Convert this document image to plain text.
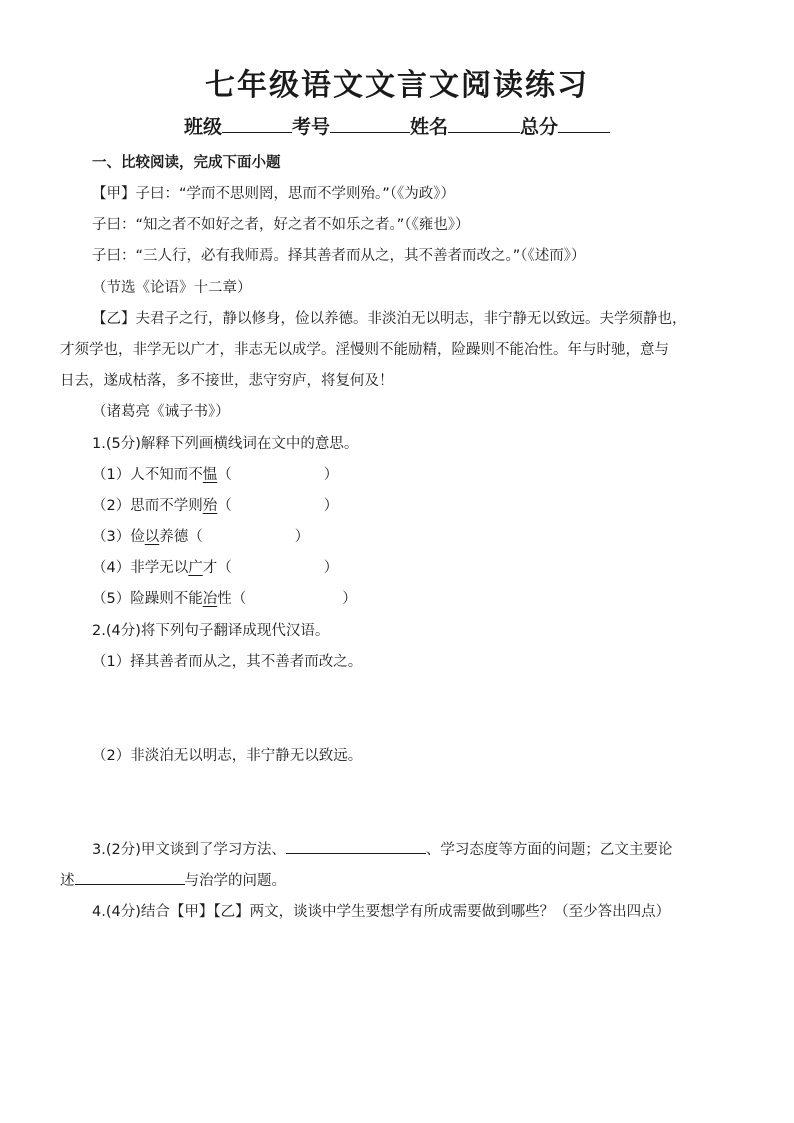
七年级语文文言文阅读练习
班级	考号	姓名	总分
一、比较阅读，完成下面小题
【甲】子曰：“学而不思则罔，思而不学则殆。”（《为政》）
子曰：“知之者不如好之者，好之者不如乐之者。”（《雍也》）
子曰：“三人行，必有我师焉。择其善者而从之，其不善者而改之。”（《述而》）
（节选《论语》十二章）
【乙】夫君子之行，静以修身，俭以养德。非淡泊无以明志，非宁静无以致远。夫学须静也，
才须学也，非学无以广才，非志无以成学。淫慢则不能励精，险躁则不能冶性。年与时驰，意与
日去，遂成枯落，多不接世，悲守穷庐，将复何及！
（诸葛亮《诫子书》）
1.(5分)解释下列画横线词在文中的意思。
（1）人不知而不愠（	）
（2）思而不学则殆（	）
（3）俭以养德（	）
（4）非学无以广才（	）
（5）险躁则不能冶性（	）
2.(4分)将下列句子翻译成现代汉语。
（1）择其善者而从之，其不善者而改之。
（2）非淡泊无以明志，非宁静无以致远。
3.(2分)甲文谈到了学习方法、	、学习态度等方面的问题；乙文主要论
述	与治学的问题。
4.(4分)结合【甲】【乙】两文，谈谈中学生要想学有所成需要做到哪些？（至少答出四点）
